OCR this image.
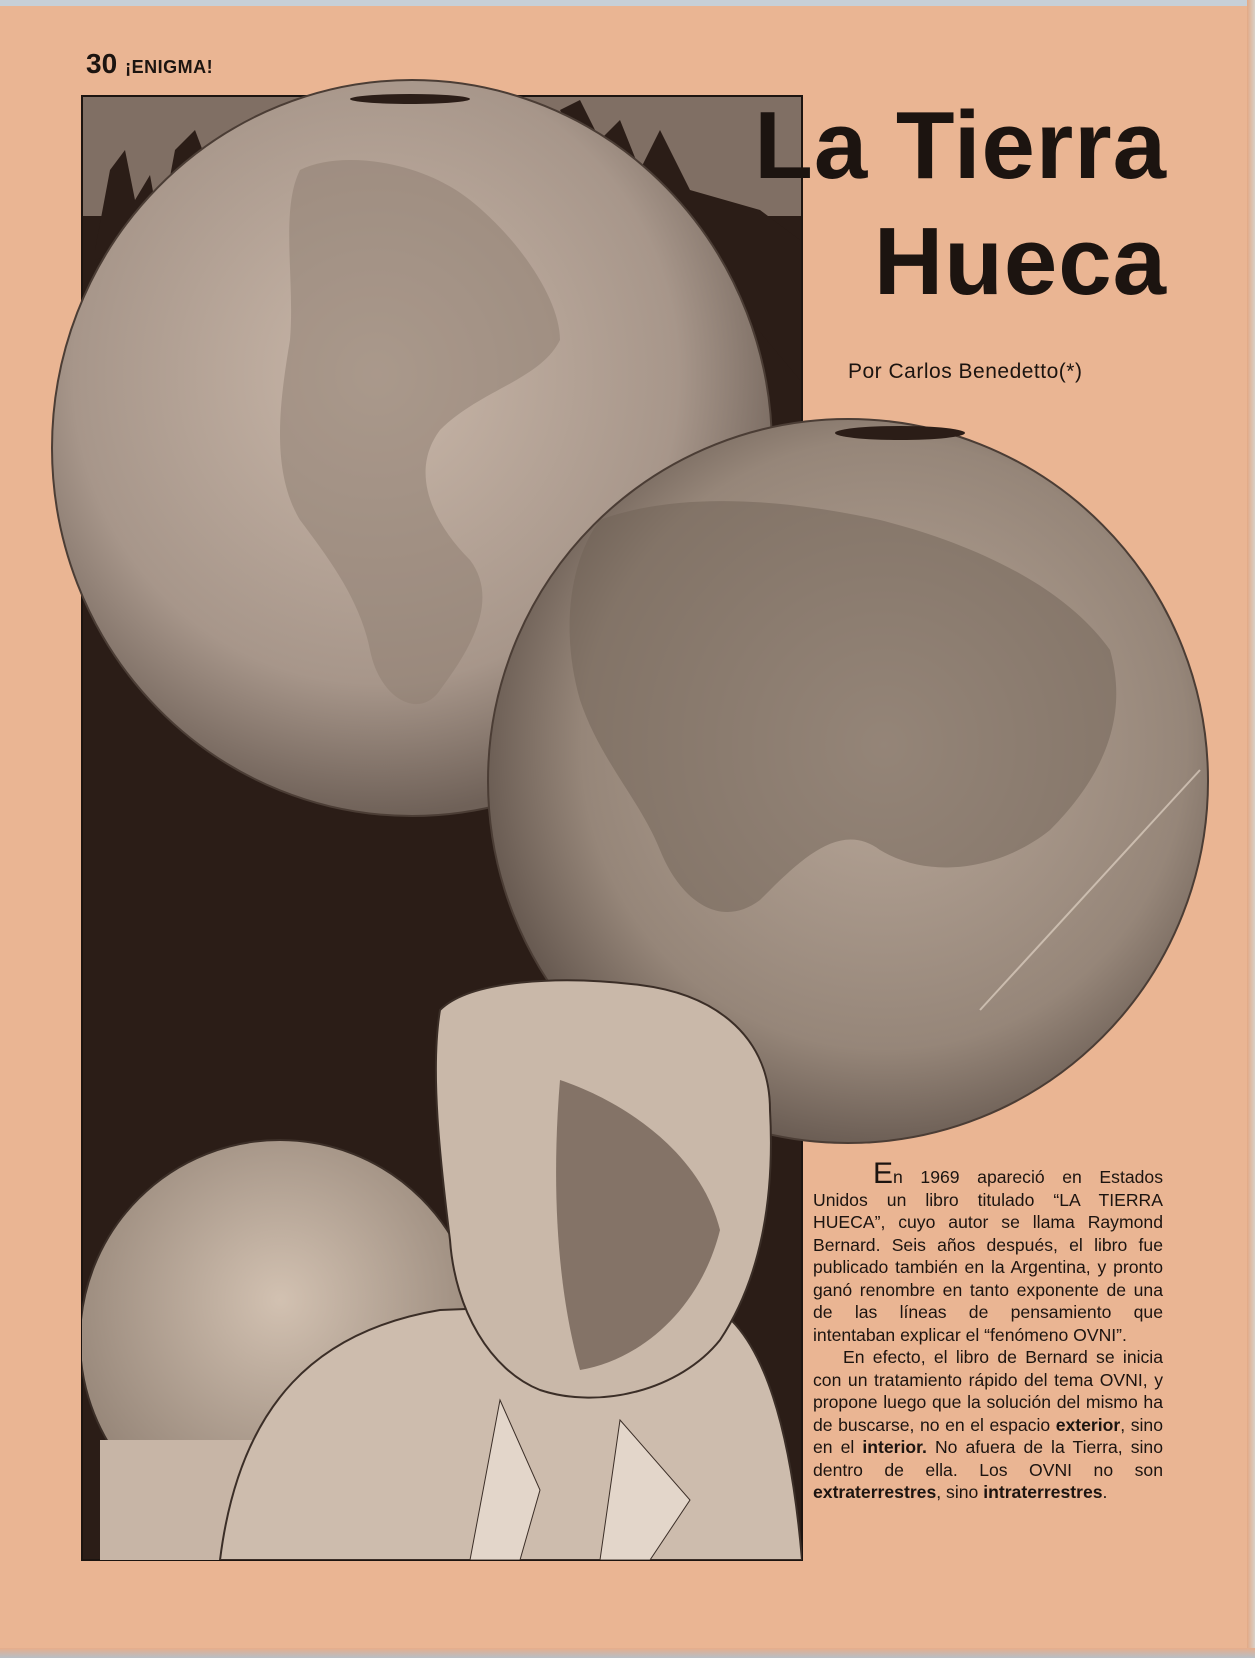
30 ¡ENIGMA!
La Tierra
Hueca
Por Carlos Benedetto(*)

En 1969 apareció en Estados Unidos un libro titulado “LA TIERRA HUECA”, cuyo autor se llama Raymond Bernard. Seis años después, el libro fue publicado también en la Argentina, y pronto ganó renombre en tanto exponente de una de las líneas de pensamiento que intentaban explicar el “fenómeno OVNI”.

En efecto, el libro de Bernard se inicia con un tratamiento rápido del tema OVNI, y propone luego que la solución del mismo ha de buscarse, no en el espacio exterior, sino en el interior. No afuera de la Tierra, sino dentro de ella. Los OVNI no son extraterrestres, sino intraterrestres.
